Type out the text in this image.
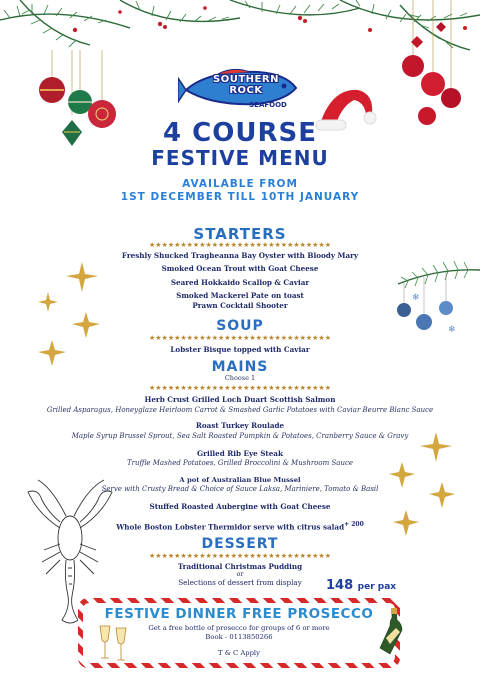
SOUTHERN ROCK
SEAFOOD
4 COURSE
FESTIVE MENU
AVAILABLE FROM
1ST DECEMBER TILL 10TH JANUARY
❄
❄
STARTERS
★★★★★★★★★★★★★★★★★★★★★★★★★★★★★
Freshly Shucked Tragheanna Bay Oyster with Bloody Mary
Smoked Ocean Trout with Goat Cheese
Seared Hokkaido Scallop & Caviar
Smoked Mackerel Pate on toast
Prawn Cocktail Shooter
SOUP
★★★★★★★★★★★★★★★★★★★★★★★★★★★★★
Lobster Bisque topped with Caviar
MAINS
Choose 1
★★★★★★★★★★★★★★★★★★★★★★★★★★★★★
Herb Crust Grilled Loch Duart Scottish Salmon
Grilled Asparagus, Honeyglaze Heirloom Carrot & Smashed Garlic Potatoes with Caviar Beurre Blanc Sauce
Roast Turkey Roulade
Maple Syrup Brussel Sprout, Sea Salt Roasted Pumpkin & Potatoes, Cranberry Sauce & Gravy
Grilled Rib Eye Steak
Truffle Mashed Potatoes, Grilled Broccolini & Mushroom Sauce
A pot of Australian Blue Mussel
Serve with Crusty Bread & Choice of Sauce Laksa, Mariniere, Tomato & Basil
Stuffed Roasted Aubergine with Goat Cheese
Whole Boston Lobster Thermidor serve with citrus salad$^{+ 200}$
DESSERT
★★★★★★★★★★★★★★★★★★★★★★★★★★★★★
Traditional Christmas Pudding
or
Selections of dessert from display	148 per pax
FESTIVE DINNER FREE PROSECCO
Get a free bottle of prosecco for groups of 6 or more
Book - 0113850266
T & C Apply
